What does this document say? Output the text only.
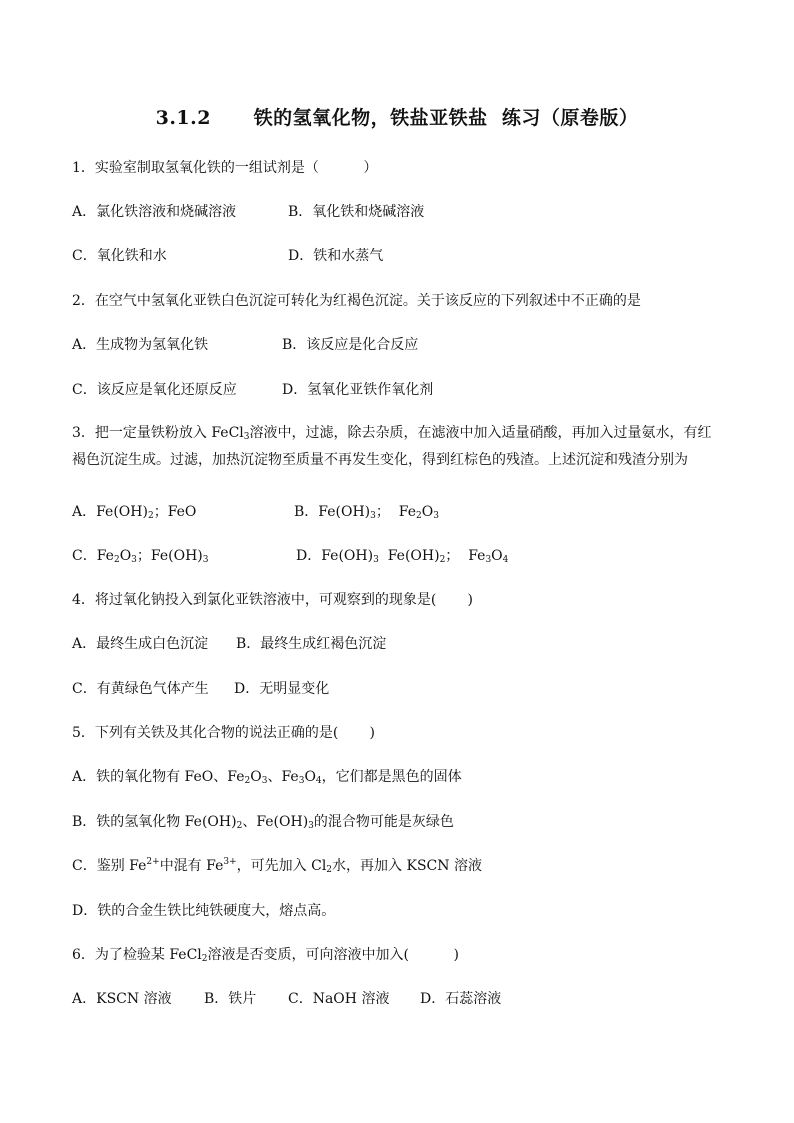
3.1.2      铁的氢氧化物，铁盐亚铁盐  练习（原卷版）
1．实验室制取氢氧化铁的一组试剂是（          ）
A．氯化铁溶液和烧碱溶液	B．氧化铁和烧碱溶液
C．氧化铁和水	D．铁和水蒸气
2．在空气中氢氧化亚铁白色沉淀可转化为红褐色沉淀。关于该反应的下列叙述中不正确的是
A．生成物为氢氧化铁	B．该反应是化合反应
C．该反应是氧化还原反应	D．氢氧化亚铁作氧化剂
3．把一定量铁粉放入 FeCl$_3$溶液中，过滤，除去杂质，在滤液中加入适量硝酸，再加入过量氨水，有红褐色沉淀生成。过滤，加热沉淀物至质量不再发生变化，得到红棕色的残渣。上述沉淀和残渣分别为
A．$Fe(OH)_2$；FeO	B．$Fe(OH)_3$；  $Fe_2O_3$
C．$Fe_2O_3$；$Fe(OH)_3$	D．$Fe(OH)_3$  $Fe(OH)_2$；  $Fe_3O_4$
4．将过氧化钠投入到氯化亚铁溶液中，可观察到的现象是(       )
A．最终生成白色沉淀 B．最终生成红褐色沉淀
C．有黄绿色气体产生 D．无明显变化
5．下列有关铁及其化合物的说法正确的是(       )
A．铁的氧化物有 FeO、$Fe_2O_3$、$Fe_3O_4$，它们都是黑色的固体
B．铁的氢氧化物 $Fe(OH)_2$、$Fe(OH)_3$的混合物可能是灰绿色
C．鉴别 $Fe^{2+}$中混有 $Fe^{3+}$，可先加入 $Cl_2$水，再加入 KSCN 溶液
D．铁的合金生铁比纯铁硬度大，熔点高。
6．为了检验某 FeCl$_2$溶液是否变质，可向溶液中加入(          )
A．KSCN 溶液 B．铁片 C．NaOH 溶液 D．石蕊溶液
